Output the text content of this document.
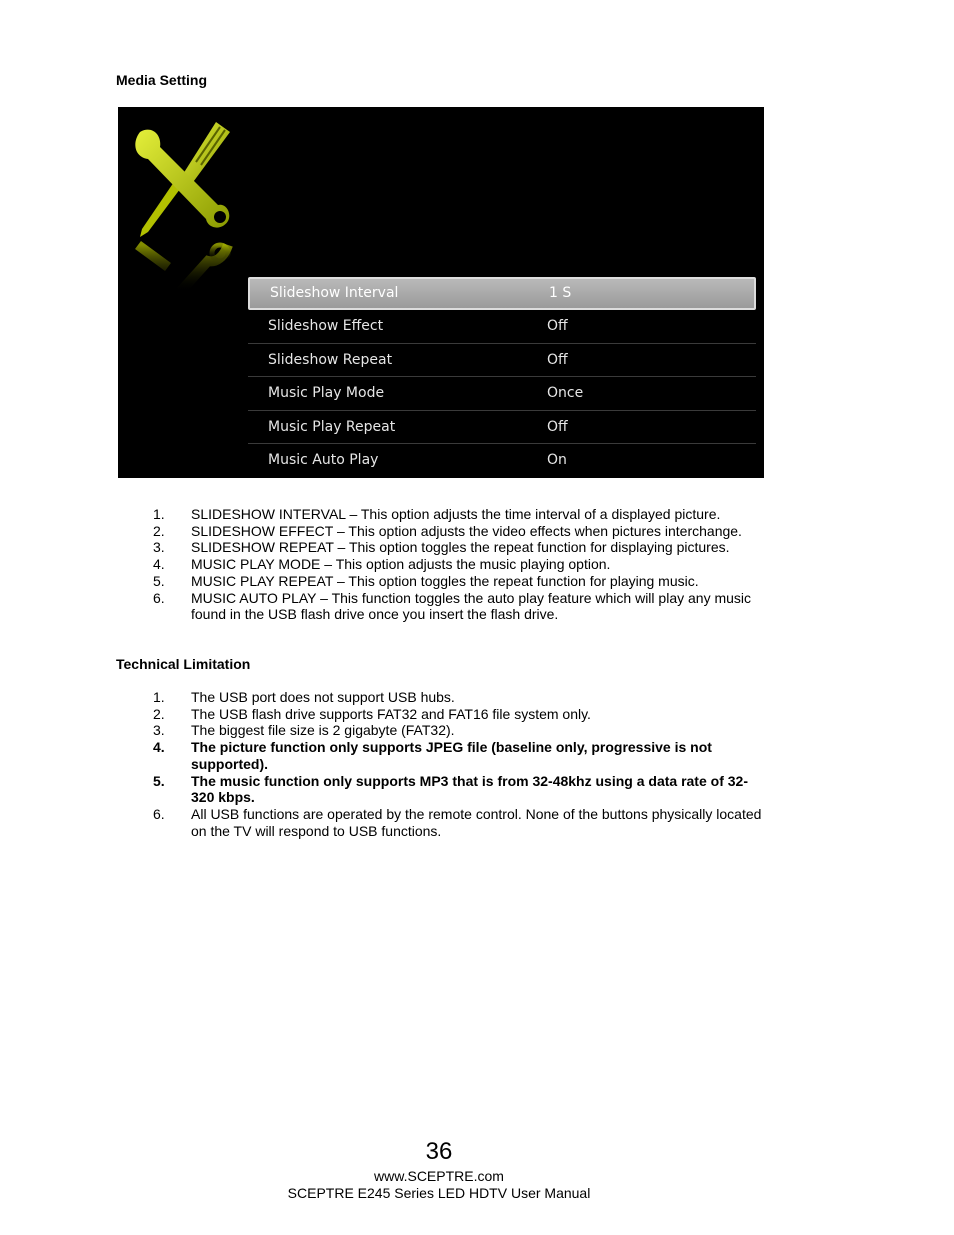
Media Setting
Slideshow Interval	1 S
Slideshow Effect	Off
Slideshow Repeat	Off
Music Play Mode	Once
Music Play Repeat	Off
Music Auto Play	On
1. SLIDESHOW INTERVAL – This option adjusts the time interval of a displayed picture.
2. SLIDESHOW EFFECT – This option adjusts the video effects when pictures interchange.
3. SLIDESHOW REPEAT – This option toggles the repeat function for displaying pictures.
4. MUSIC PLAY MODE – This option adjusts the music playing option.
5. MUSIC PLAY REPEAT – This option toggles the repeat function for playing music.
6. MUSIC AUTO PLAY – This function toggles the auto play feature which will play any music found in the USB flash drive once you insert the flash drive.
Technical Limitation
1. The USB port does not support USB hubs.
2. The USB flash drive supports FAT32 and FAT16 file system only.
3. The biggest file size is 2 gigabyte (FAT32).
4. The picture function only supports JPEG file (baseline only, progressive is not supported).
5. The music function only supports MP3 that is from 32-48khz using a data rate of 32-320 kbps.
6. All USB functions are operated by the remote control. None of the buttons physically located on the TV will respond to USB functions.
36
www.SCEPTRE.com
SCEPTRE E245 Series LED HDTV User Manual
